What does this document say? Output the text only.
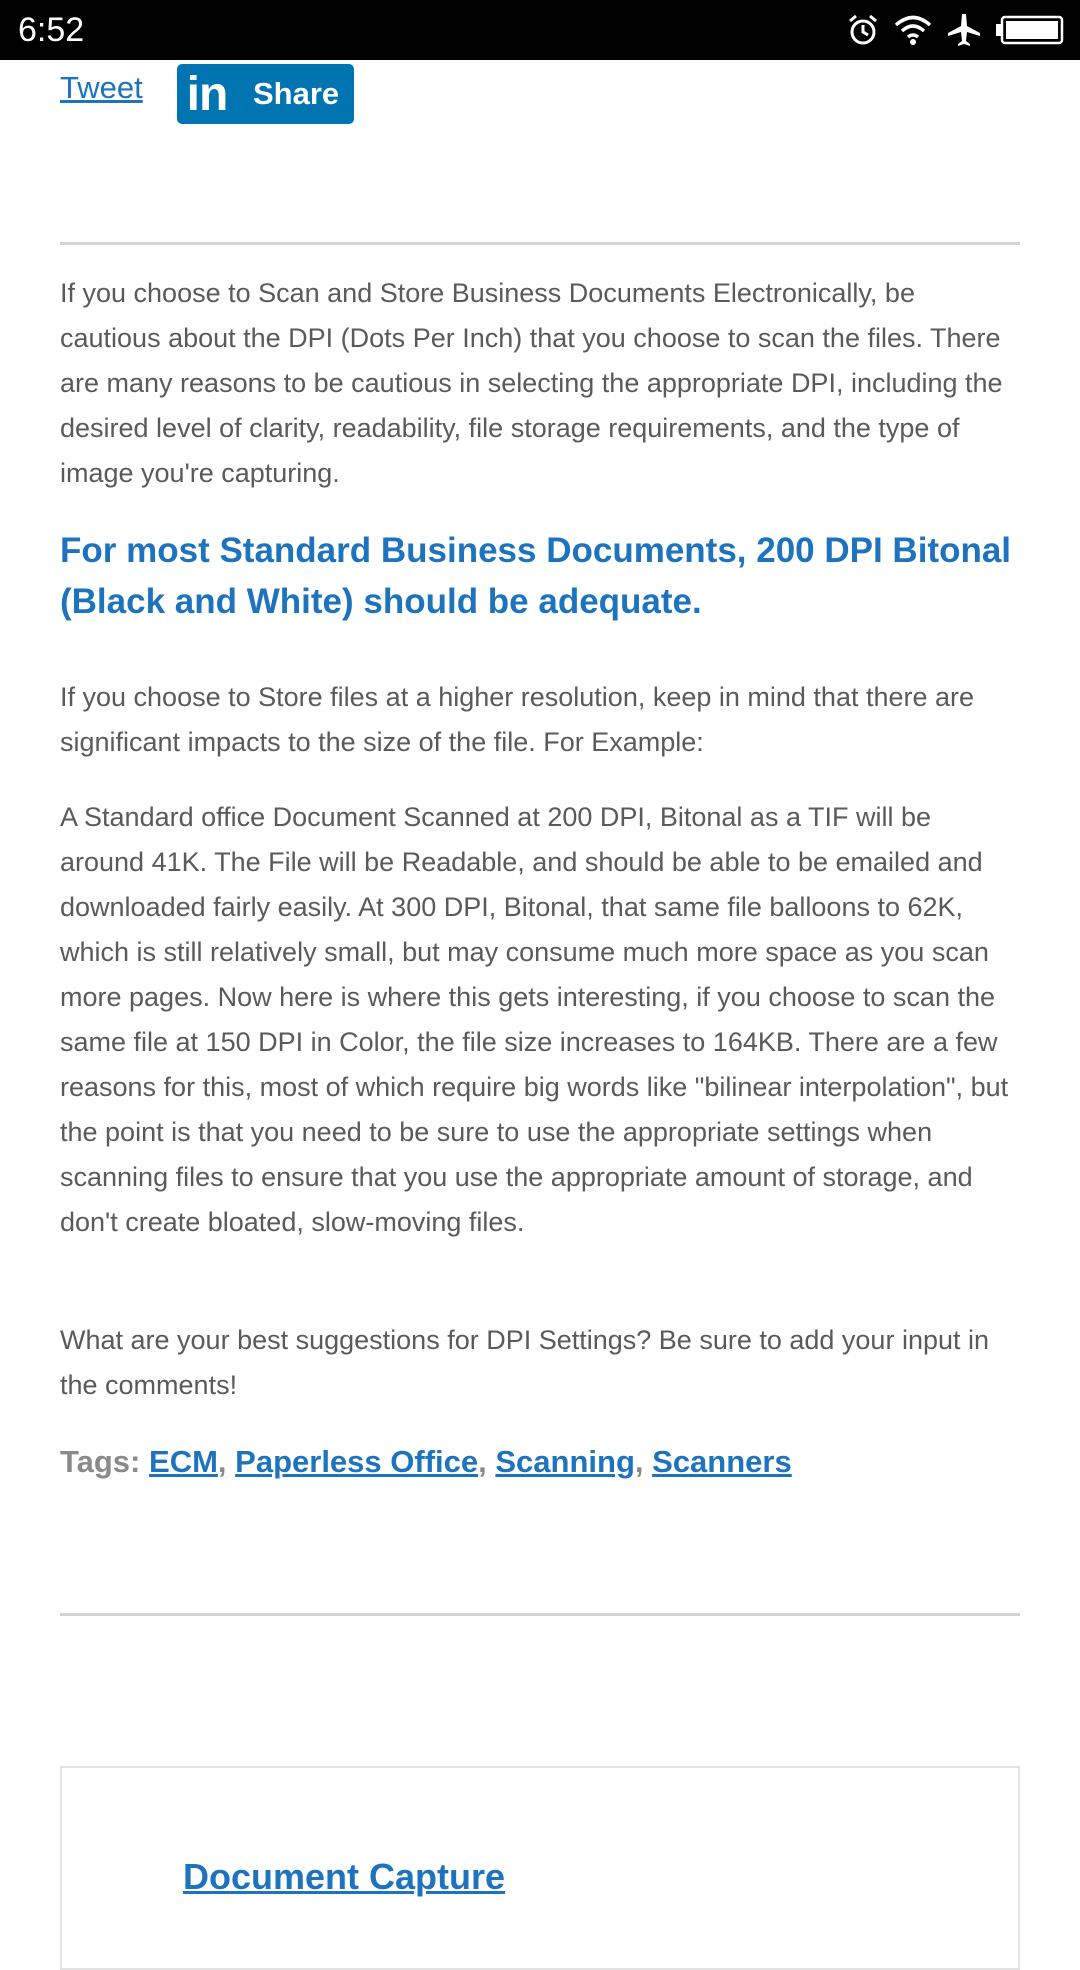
6:52
Tweet in Share

If you choose to Scan and Store Business Documents Electronically, be cautious about the DPI (Dots Per Inch) that you choose to scan the files. There are many reasons to be cautious in selecting the appropriate DPI, including the desired level of clarity, readability, file storage requirements, and the type of image you're capturing.

For most Standard Business Documents, 200 DPI Bitonal (Black and White) should be adequate.

If you choose to Store files at a higher resolution, keep in mind that there are significant impacts to the size of the file. For Example:

A Standard office Document Scanned at 200 DPI, Bitonal as a TIF will be around 41K. The File will be Readable, and should be able to be emailed and downloaded fairly easily. At 300 DPI, Bitonal, that same file balloons to 62K, which is still relatively small, but may consume much more space as you scan more pages. Now here is where this gets interesting, if you choose to scan the same file at 150 DPI in Color, the file size increases to 164KB. There are a few reasons for this, most of which require big words like "bilinear interpolation", but the point is that you need to be sure to use the appropriate settings when scanning files to ensure that you use the appropriate amount of storage, and don't create bloated, slow-moving files.

What are your best suggestions for DPI Settings? Be sure to add your input in the comments!

Tags: ECM, Paperless Office, Scanning, Scanners
Document Capture
